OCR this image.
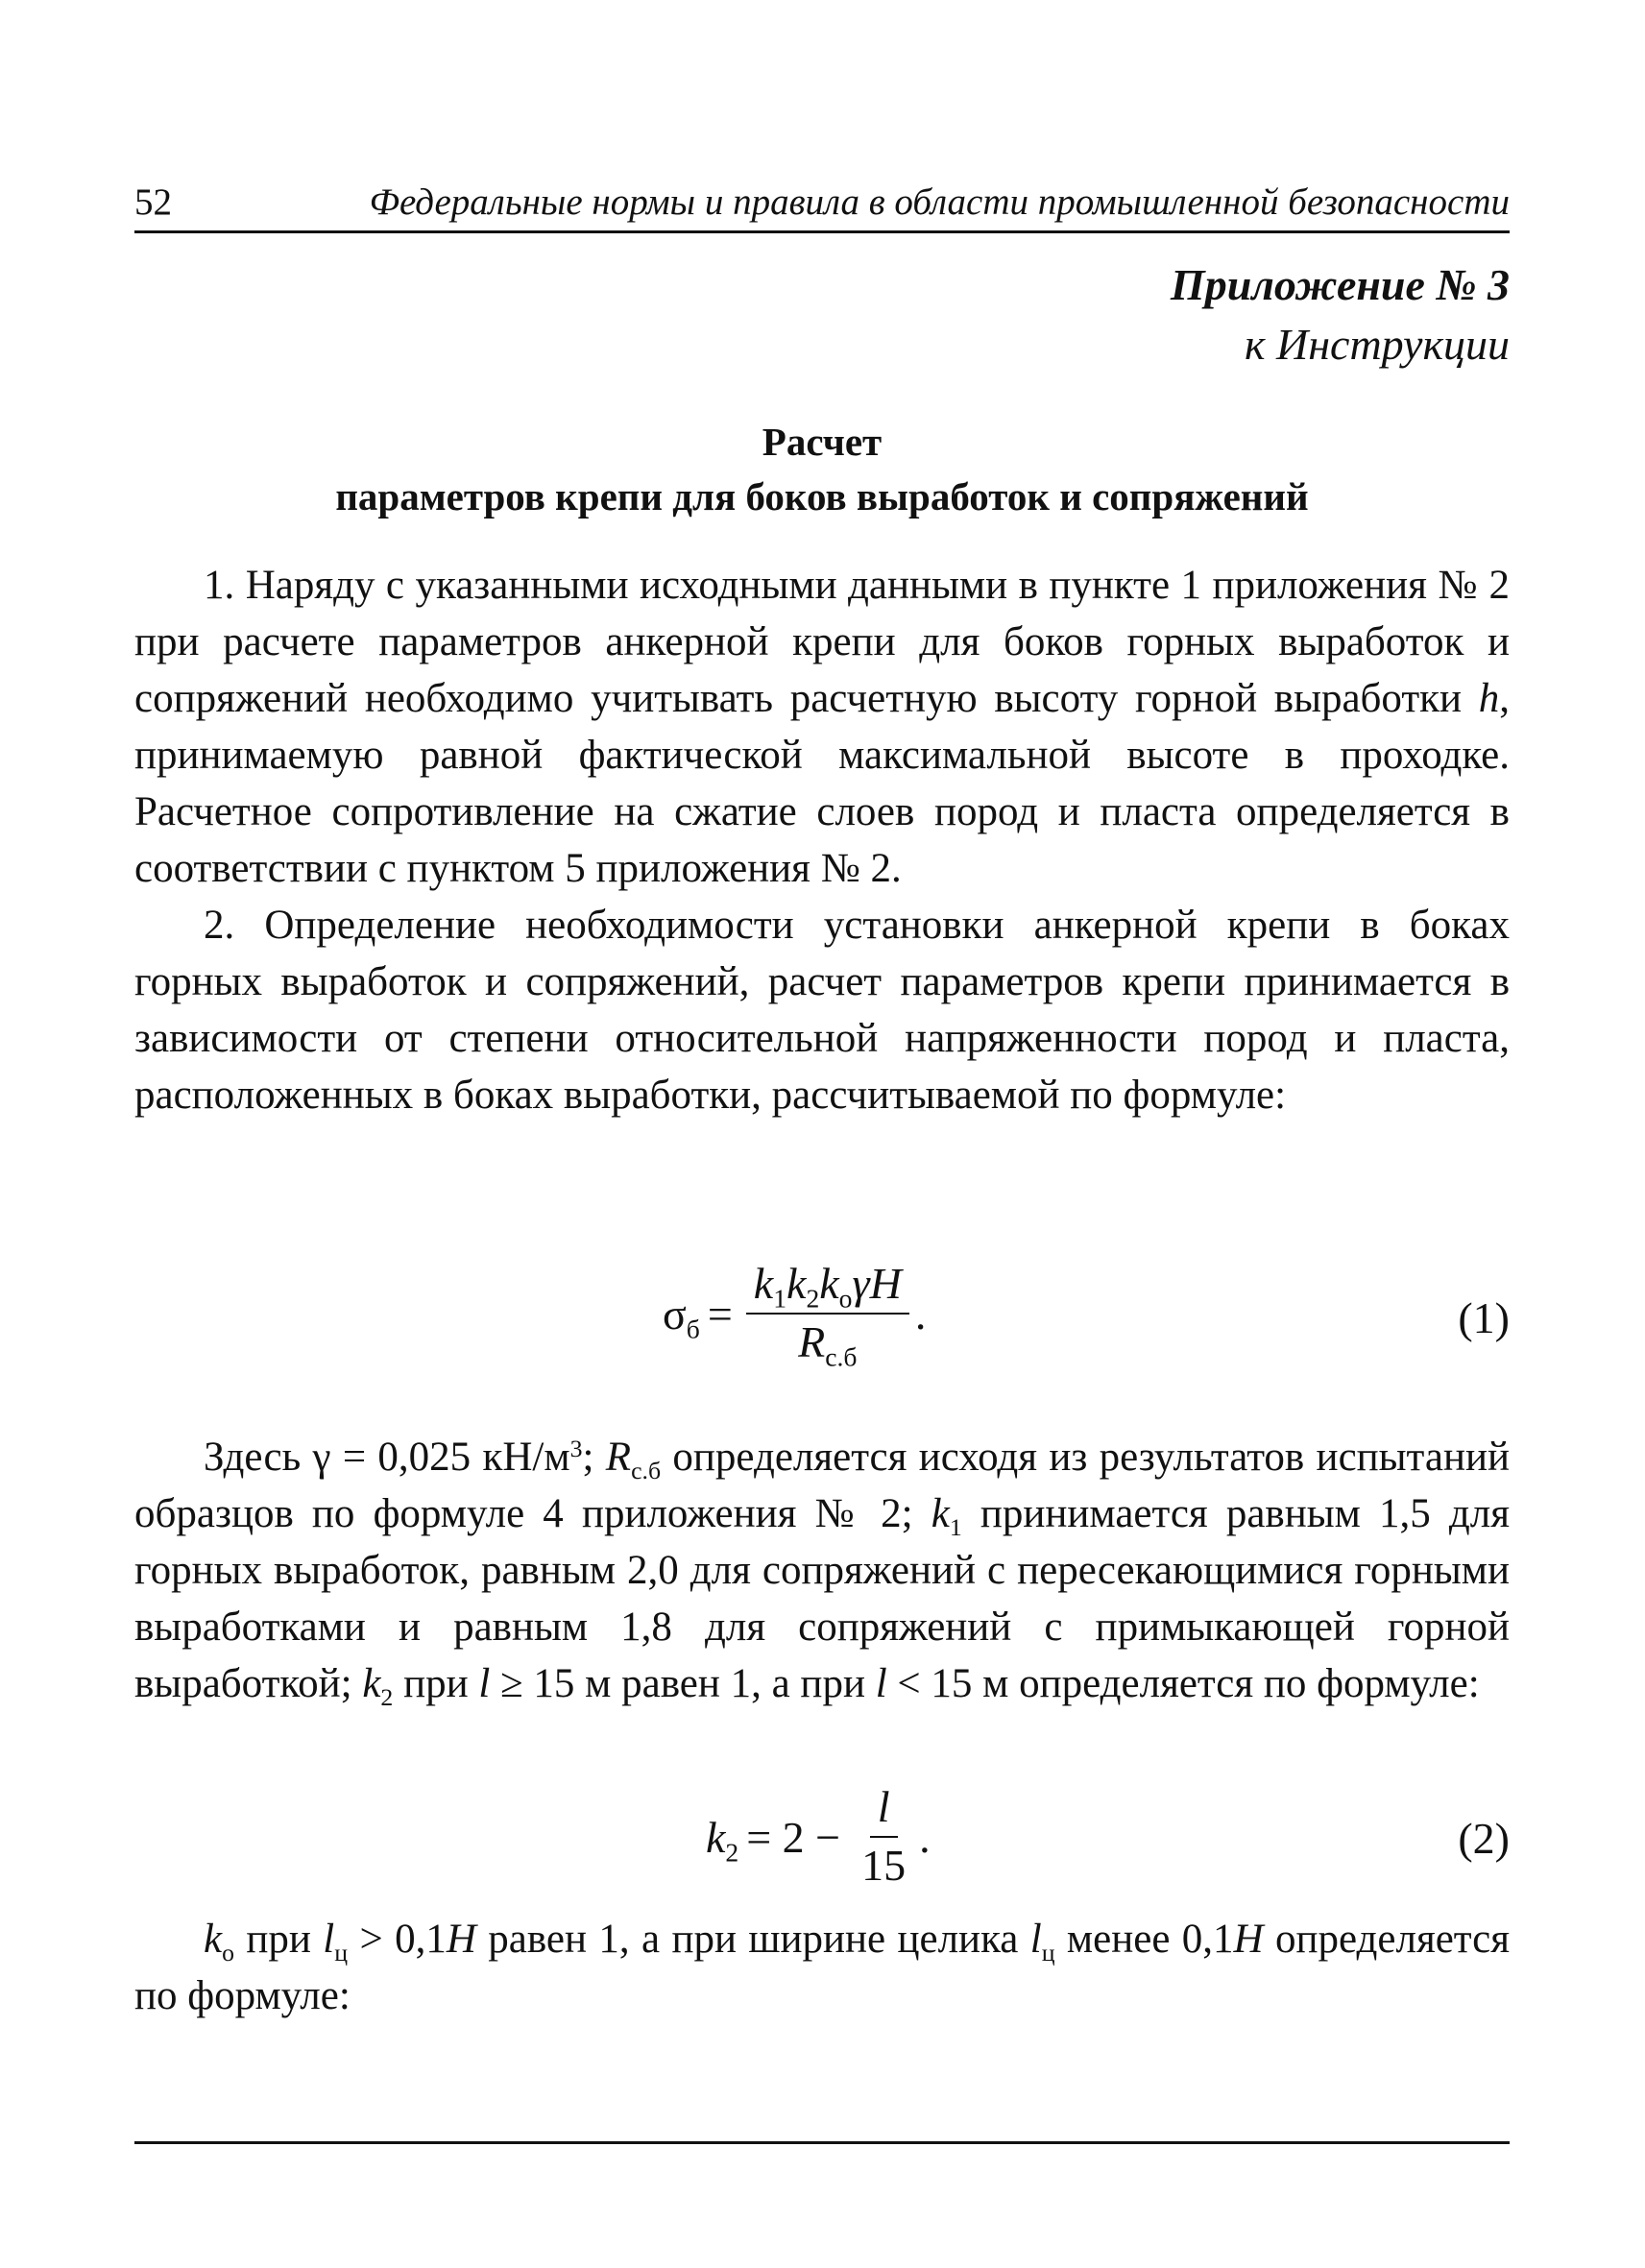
52	Федеральные нормы и правила в области промышленной безопасности
Приложение № 3
к Инструкции
Расчет
параметров крепи для боков выработок и сопряжений

1. Наряду с указанными исходными данными в пункте 1 приложения № 2 при расчете параметров анкерной крепи для боков горных выработок и сопряжений необходимо учитывать расчетную высоту горной выработки h, принимаемую равной фактической максимальной высоте в проходке. Расчетное сопротивление на сжатие слоев пород и пласта определяется в соответствии с пунктом 5 приложения № 2.

2. Определение необходимости установки анкерной крепи в боках горных выработок и сопряжений, расчет параметров крепи принимается в зависимости от степени относительной напряженности пород и пласта, расположенных в боках выработки, рассчитываемой по формуле:

$\sigma_б = \frac{k_1k_2k_о\gamma H}{R_{с.б}}$ .	(1)

Здесь γ = 0,025 $кН/м^3$; $R_{с.б}$ определяется исходя из результатов испытаний образцов по формуле 4 приложения № 2; $k_1$ принимается равным 1,5 для горных выработок, равным 2,0 для сопряжений с пересекающимися горными выработками и равным 1,8 для сопряжений с примыкающей горной выработкой; $k_2$ при l ≥ 15 м равен 1, а при l < 15 м определяется по формуле:

$k_2 = 2 - \frac{l}{15}$ .	(2)

$k_о$ при $l_ц > 0,1H$ равен 1, а при ширине целика $l_ц$ менее 0,1H определяется по формуле:
